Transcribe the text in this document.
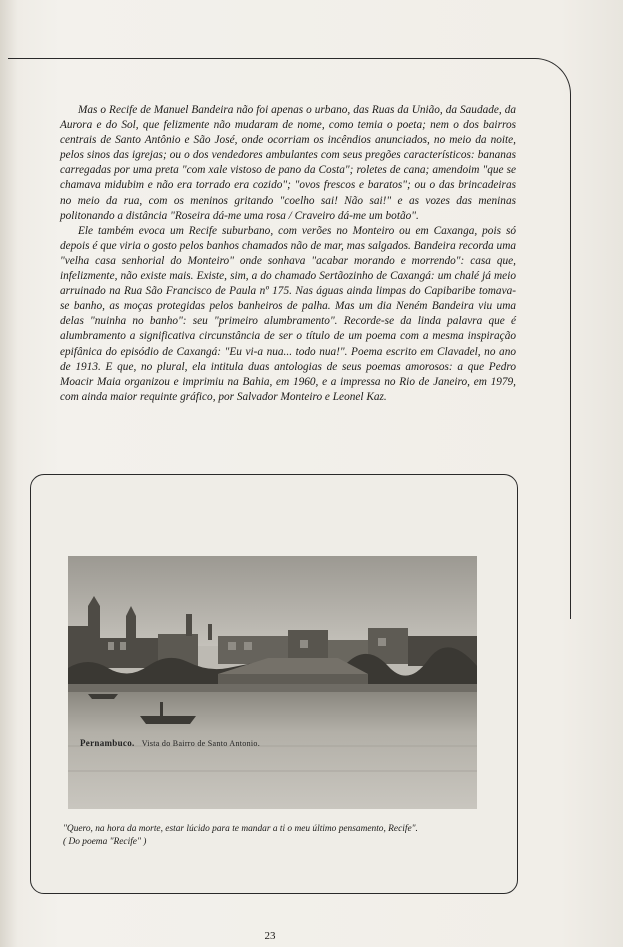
Mas o Recife de Manuel Bandeira não foi apenas o urbano, das Ruas da União, da Saudade, da Aurora e do Sol, que felizmente não mudaram de nome, como temia o poeta; nem o dos bairros centrais de Santo Antônio e São José, onde ocorriam os incêndios anunciados, no meio da noite, pelos sinos das igrejas; ou o dos vendedores ambulantes com seus pregões característicos: bananas carregadas por uma preta "com xale vistoso de pano da Costa"; roletes de cana; amendoim "que se chamava midubim e não era torrado era cozido"; "ovos frescos e baratos"; ou o das brincadeiras no meio da rua, com os meninos gritando "coelho sai! Não sai!" e as vozes das meninas politonando a distância "Roseira dá-me uma rosa / Craveiro dá-me um botão".

Ele também evoca um Recife suburbano, com verões no Monteiro ou em Caxanga, pois só depois é que viria o gosto pelos banhos chamados não de mar, mas salgados. Bandeira recorda uma "velha casa senhorial do Monteiro" onde sonhava "acabar morando e morrendo": casa que, infelizmente, não existe mais. Existe, sim, a do chamado Sertãozinho de Caxangá: um chalé já meio arruinado na Rua São Francisco de Paula nº 175. Nas águas ainda limpas do Capibaribe tomava-se banho, as moças protegidas pelos banheiros de palha. Mas um dia Neném Bandeira viu uma delas "nuinha no banho": seu "primeiro alumbramento". Recorde-se da linda palavra que é alumbramento a significativa circunstância de ser o título de um poema com a mesma inspiração epifânica do episódio de Caxangá: "Eu vi-a nua... todo nua!". Poema escrito em Clavadel, no ano de 1913. E que, no plural, ela intitula duas antologias de seus poemas amorosos: a que Pedro Moacir Maia organizou e imprimiu na Bahia, em 1960, e a impressa no Rio de Janeiro, em 1979, com ainda maior requinte gráfico, por Salvador Monteiro e Leonel Kaz.

Pernambuco. Vista do Bairro de Santo Antonio.
"Quero, na hora da morte, estar lúcido para te mandar a ti o meu último pensamento, Recife".
( Do poema "Recife" )
23
